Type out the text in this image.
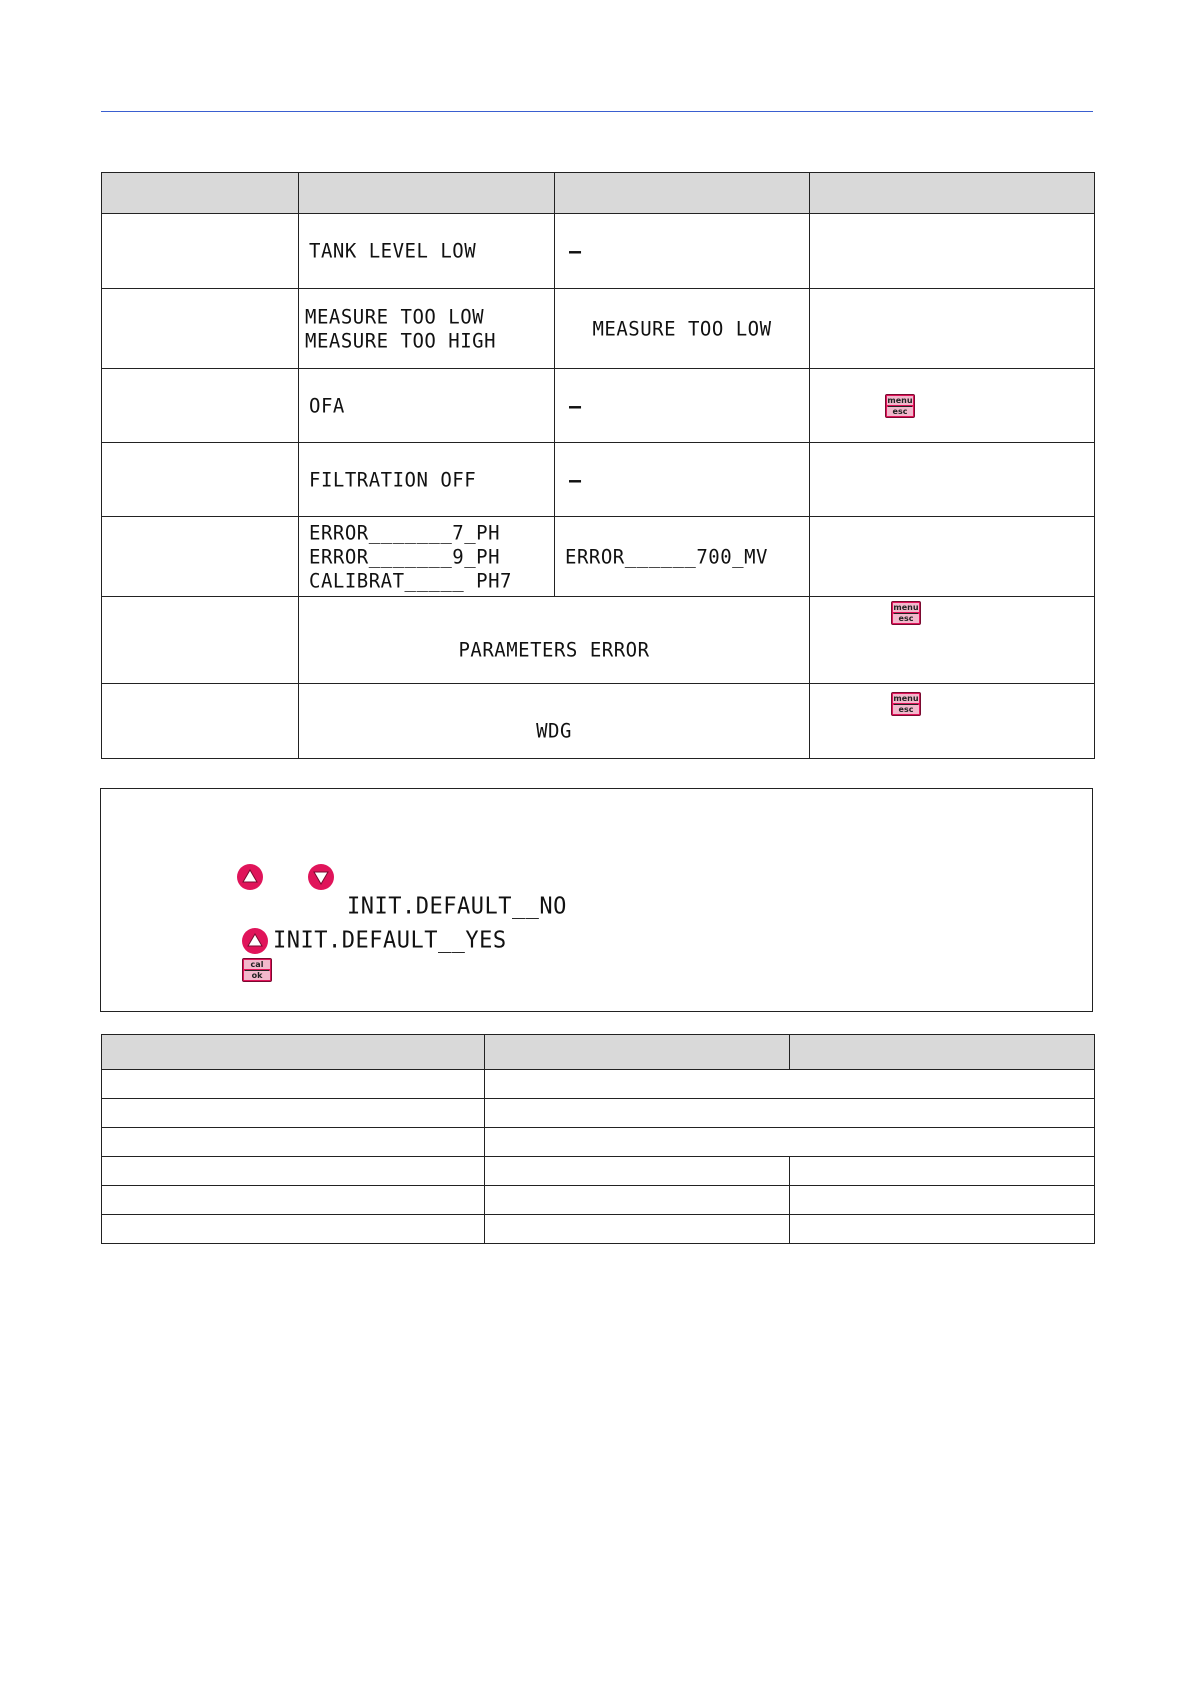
	TANK LEVEL LOW	–	

	MEASURE TOO LOW
MEASURE TOO HIGH	MEASURE TOO LOW	

	OFA	–	menu
esc

	FILTRATION OFF	–	

	ERROR_______7_PH
ERROR_______9_PH
CALIBRAT_____ PH7	ERROR______700_MV	

	PARAMETERS ERROR		menu
esc

	WDG		menu
esc
INIT.DEFAULT__NO
INIT.DEFAULT__YES
cal
ok
